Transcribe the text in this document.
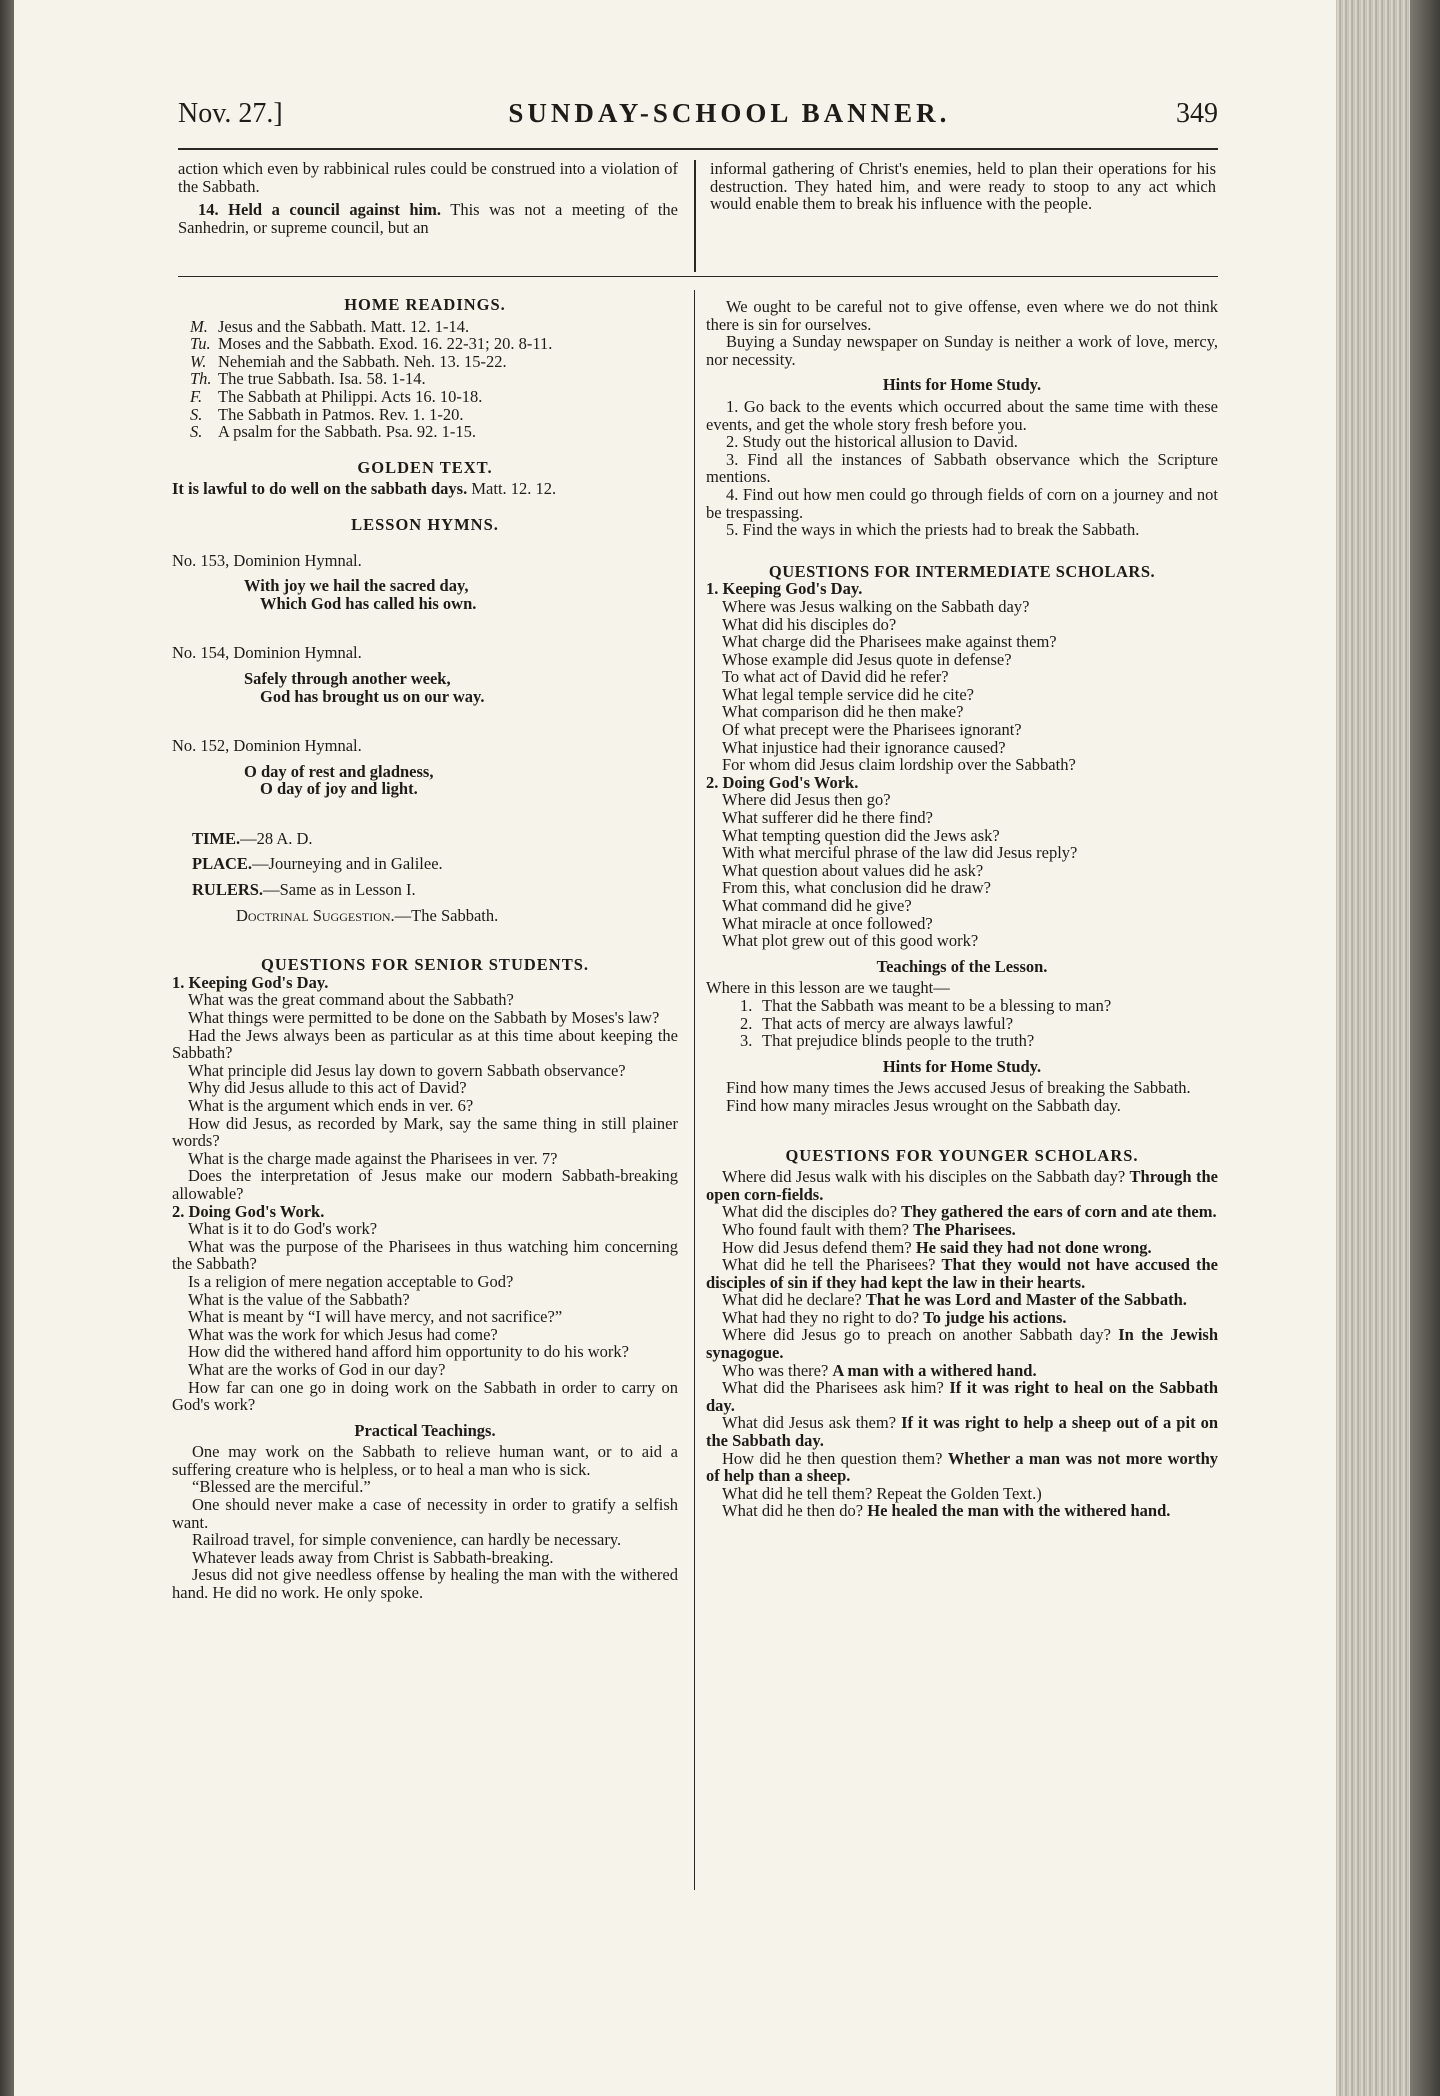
Nov. 27.]	SUNDAY-SCHOOL BANNER.	349

action which even by rabbinical rules could be construed into a violation of the Sabbath.

14. Held a council against him. This was not a meeting of the Sanhedrin, or supreme council, but an

informal gathering of Christ's enemies, held to plan their operations for his destruction. They hated him, and were ready to stoop to any act which would enable them to break his influence with the people.

HOME READINGS.
M. Jesus and the Sabbath. Matt. 12. 1-14.
Tu. Moses and the Sabbath. Exod. 16. 22-31; 20. 8-11.
W. Nehemiah and the Sabbath. Neh. 13. 15-22.
Th. The true Sabbath. Isa. 58. 1-14.
F. The Sabbath at Philippi. Acts 16. 10-18.
S. The Sabbath in Patmos. Rev. 1. 1-20.
S. A psalm for the Sabbath. Psa. 92. 1-15.
GOLDEN TEXT.

It is lawful to do well on the sabbath days. Matt. 12. 12.

LESSON HYMNS.
No. 153, Dominion Hymnal.
With joy we hail the sacred day,
Which God has called his own.
No. 154, Dominion Hymnal.
Safely through another week,
God has brought us on our way.
No. 152, Dominion Hymnal.
O day of rest and gladness,
O day of joy and light.
TIME.—28 A. D.
PLACE.—Journeying and in Galilee.
RULERS.—Same as in Lesson I.
Doctrinal Suggestion.—The Sabbath.
QUESTIONS FOR SENIOR STUDENTS.
1. Keeping God's Day.

What was the great command about the Sabbath?

What things were permitted to be done on the Sabbath by Moses's law?

Had the Jews always been as particular as at this time about keeping the Sabbath?

What principle did Jesus lay down to govern Sabbath observance?

Why did Jesus allude to this act of David?

What is the argument which ends in ver. 6?

How did Jesus, as recorded by Mark, say the same thing in still plainer words?

What is the charge made against the Pharisees in ver. 7?

Does the interpretation of Jesus make our modern Sabbath-breaking allowable?

2. Doing God's Work.

What is it to do God's work?

What was the purpose of the Pharisees in thus watching him concerning the Sabbath?

Is a religion of mere negation acceptable to God?

What is the value of the Sabbath?

What is meant by “I will have mercy, and not sacrifice?”

What was the work for which Jesus had come?

How did the withered hand afford him opportunity to do his work?

What are the works of God in our day?

How far can one go in doing work on the Sabbath in order to carry on God's work?

Practical Teachings.

One may work on the Sabbath to relieve human want, or to aid a suffering creature who is helpless, or to heal a man who is sick.

“Blessed are the merciful.”

One should never make a case of necessity in order to gratify a selfish want.

Railroad travel, for simple convenience, can hardly be necessary.

Whatever leads away from Christ is Sabbath-breaking.

Jesus did not give needless offense by healing the man with the withered hand. He did no work. He only spoke.

We ought to be careful not to give offense, even where we do not think there is sin for ourselves.

Buying a Sunday newspaper on Sunday is neither a work of love, mercy, nor necessity.

Hints for Home Study.

1. Go back to the events which occurred about the same time with these events, and get the whole story fresh before you.

2. Study out the historical allusion to David.

3. Find all the instances of Sabbath observance which the Scripture mentions.

4. Find out how men could go through fields of corn on a journey and not be trespassing.

5. Find the ways in which the priests had to break the Sabbath.

QUESTIONS FOR INTERMEDIATE SCHOLARS.
1. Keeping God's Day.

Where was Jesus walking on the Sabbath day?

What did his disciples do?

What charge did the Pharisees make against them?

Whose example did Jesus quote in defense?

To what act of David did he refer?

What legal temple service did he cite?

What comparison did he then make?

Of what precept were the Pharisees ignorant?

What injustice had their ignorance caused?

For whom did Jesus claim lordship over the Sabbath?

2. Doing God's Work.

Where did Jesus then go?

What sufferer did he there find?

What tempting question did the Jews ask?

With what merciful phrase of the law did Jesus reply?

What question about values did he ask?

From this, what conclusion did he draw?

What command did he give?

What miracle at once followed?

What plot grew out of this good work?

Teachings of the Lesson.

Where in this lesson are we taught—

1. That the Sabbath was meant to be a blessing to man?
2. That acts of mercy are always lawful?
3. That prejudice blinds people to the truth?
Hints for Home Study.

Find how many times the Jews accused Jesus of breaking the Sabbath.

Find how many miracles Jesus wrought on the Sabbath day.

QUESTIONS FOR YOUNGER SCHOLARS.

Where did Jesus walk with his disciples on the Sabbath day? Through the open corn-fields.

What did the disciples do? They gathered the ears of corn and ate them.

Who found fault with them? The Pharisees.

How did Jesus defend them? He said they had not done wrong.

What did he tell the Pharisees? That they would not have accused the disciples of sin if they had kept the law in their hearts.

What did he declare? That he was Lord and Master of the Sabbath.

What had they no right to do? To judge his actions.

Where did Jesus go to preach on another Sabbath day? In the Jewish synagogue.

Who was there? A man with a withered hand.

What did the Pharisees ask him? If it was right to heal on the Sabbath day.

What did Jesus ask them? If it was right to help a sheep out of a pit on the Sabbath day.

How did he then question them? Whether a man was not more worthy of help than a sheep.

What did he tell them? Repeat the Golden Text.)

What did he then do? He healed the man with the withered hand.
